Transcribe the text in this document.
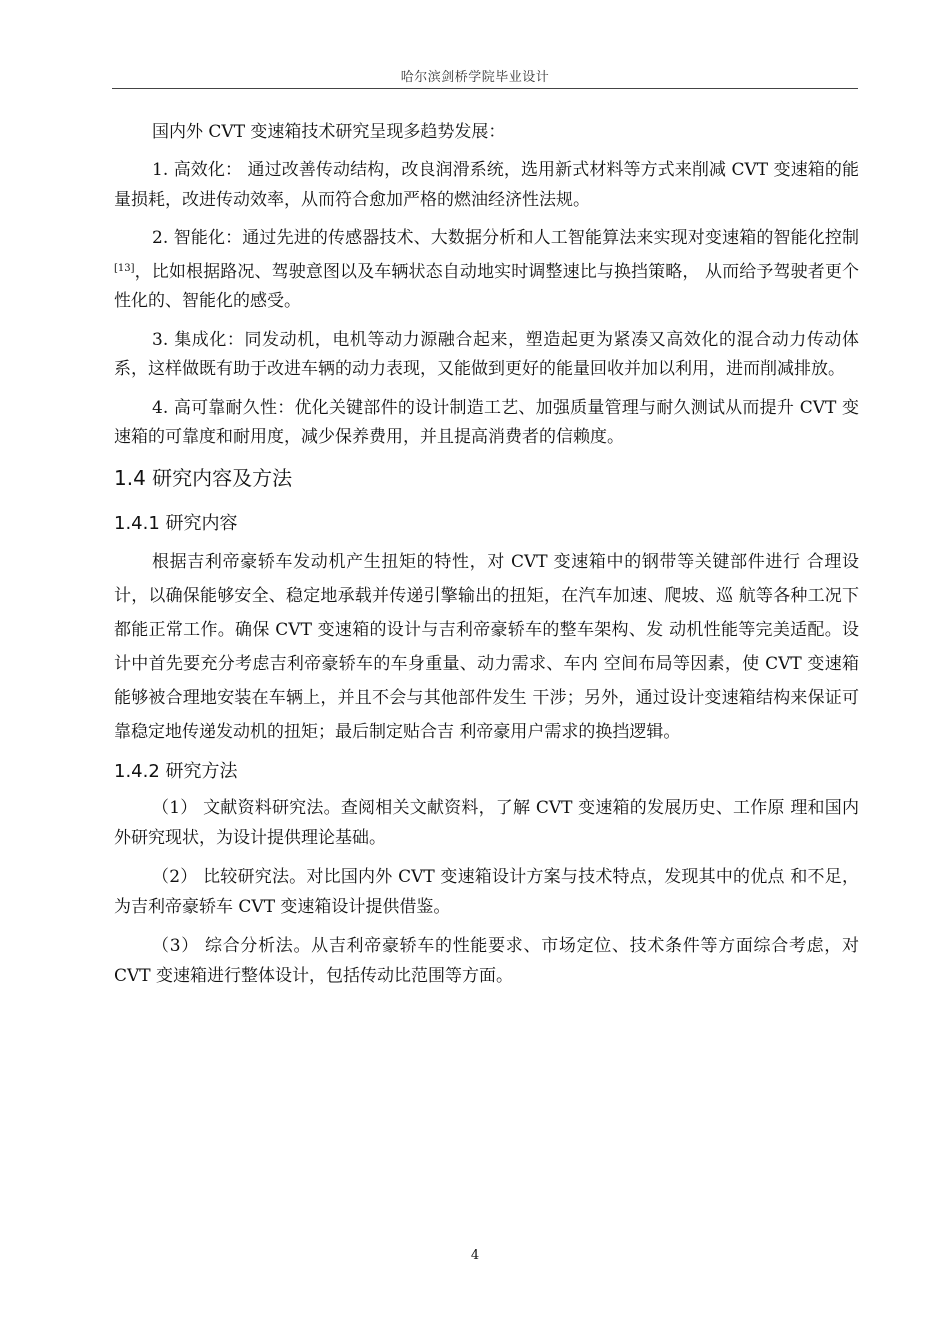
哈尔滨剑桥学院毕业设计

国内外 CVT 变速箱技术研究呈现多趋势发展：

1. 高效化： 通过改善传动结构，改良润滑系统，选用新式材料等方式来削减 CVT 变速箱的能量损耗，改进传动效率，从而符合愈加严格的燃油经济性法规。

2. 智能化：通过先进的传感器技术、大数据分析和人工智能算法来实现对变速箱的智能化控制[13]，比如根据路况、驾驶意图以及车辆状态自动地实时调整速比与换挡策略， 从而给予驾驶者更个性化的、智能化的感受。

3. 集成化：同发动机，电机等动力源融合起来，塑造起更为紧凑又高效化的混合动力传动体系，这样做既有助于改进车辆的动力表现，又能做到更好的能量回收并加以利用，进而削减排放。

4. 高可靠耐久性：优化关键部件的设计制造工艺、加强质量管理与耐久测试从而提升 CVT 变速箱的可靠度和耐用度，减少保养费用，并且提高消费者的信赖度。

1.4 研究内容及方法
1.4.1 研究内容

根据吉利帝豪轿车发动机产生扭矩的特性，对 CVT 变速箱中的钢带等关键部件进行 合理设计，以确保能够安全、稳定地承载并传递引擎输出的扭矩，在汽车加速、爬坡、巡 航等各种工况下都能正常工作。确保 CVT 变速箱的设计与吉利帝豪轿车的整车架构、发 动机性能等完美适配。设计中首先要充分考虑吉利帝豪轿车的车身重量、动力需求、车内 空间布局等因素，使 CVT 变速箱能够被合理地安装在车辆上，并且不会与其他部件发生 干涉；另外，通过设计变速箱结构来保证可靠稳定地传递发动机的扭矩；最后制定贴合吉 利帝豪用户需求的换挡逻辑。

1.4.2 研究方法

（1） 文献资料研究法。查阅相关文献资料，了解 CVT 变速箱的发展历史、工作原 理和国内外研究现状，为设计提供理论基础。

（2） 比较研究法。对比国内外 CVT 变速箱设计方案与技术特点，发现其中的优点 和不足，为吉利帝豪轿车 CVT 变速箱设计提供借鉴。

（3） 综合分析法。从吉利帝豪轿车的性能要求、市场定位、技术条件等方面综合考虑，对 CVT 变速箱进行整体设计，包括传动比范围等方面。

4
